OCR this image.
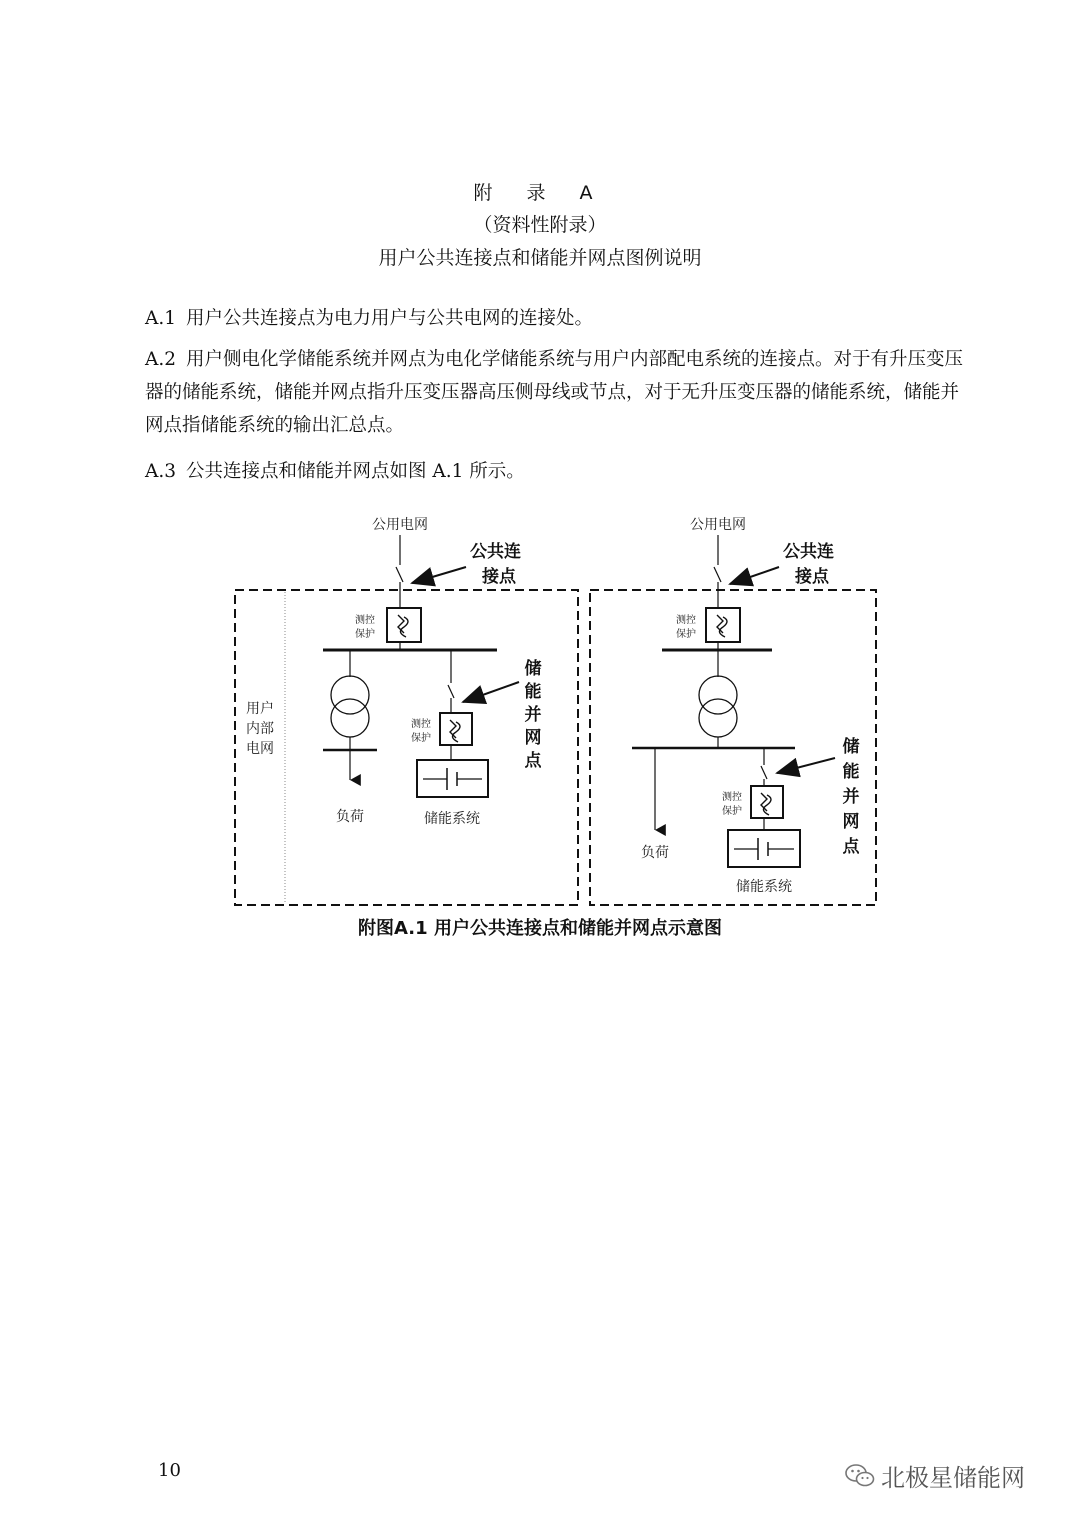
附 录 A
（资料性附录）
用户公共连接点和储能并网点图例说明
A.1 用户公共连接点为电力用户与公共电网的连接处。
A.2 用户侧电化学储能系统并网点为电化学储能系统与用户内部配电系统的连接点。对于有升压变压器的储能系统，储能并网点指升压变压器高压侧母线或节点，对于无升压变压器的储能系统，储能并网点指储能系统的输出汇总点。
A.3 公共连接点和储能并网点如图 A.1 所示。
公用电网
测控
保护
公共连
接点
负荷
测控
保护
储能系统
储
能
并
网
点
用户
内部
电网
公用电网
测控
保护
公共连
接点
负荷
测控
保护
储能系统
储
能
并
网
点
附图A.1 用户公共连接点和储能并网点示意图
10	北极星储能网
